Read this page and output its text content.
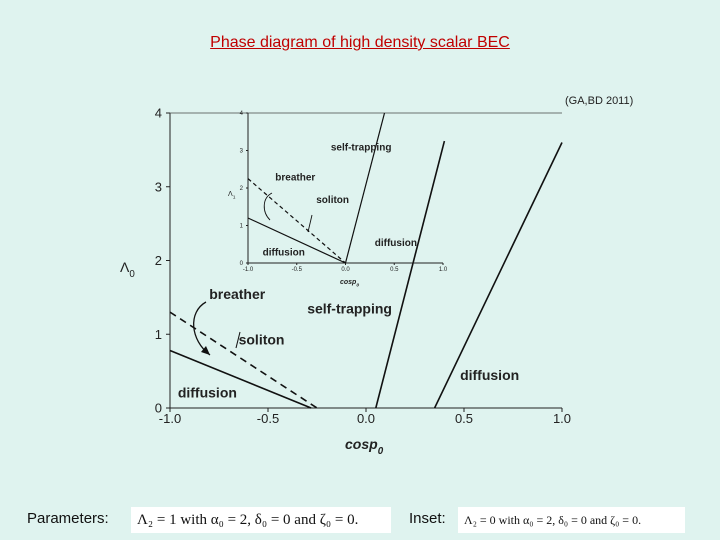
Phase diagram of high density scalar BEC
(GA,BD 2011)
-1.0	-0.5	0.0	0.5	1.0
0
1
2
3
4
cosp$_0$
$\Lambda_0$
breather
self-trapping
soliton
diffusion
diffusion
-1.0	-0.5	0.0	0.5	1.0
0
1
2
3
4
cosp$_0$
$\Lambda_1$
self-trapping
breather
soliton
diffusion
diffusion
Parameters:	Λ₂ = 1 with α₀ = 2, δ₀ = 0 and ζ₀ = 0.	Inset:	Λ₂ = 0 with α₀ = 2, δ₀ = 0 and ζ₀ = 0.
